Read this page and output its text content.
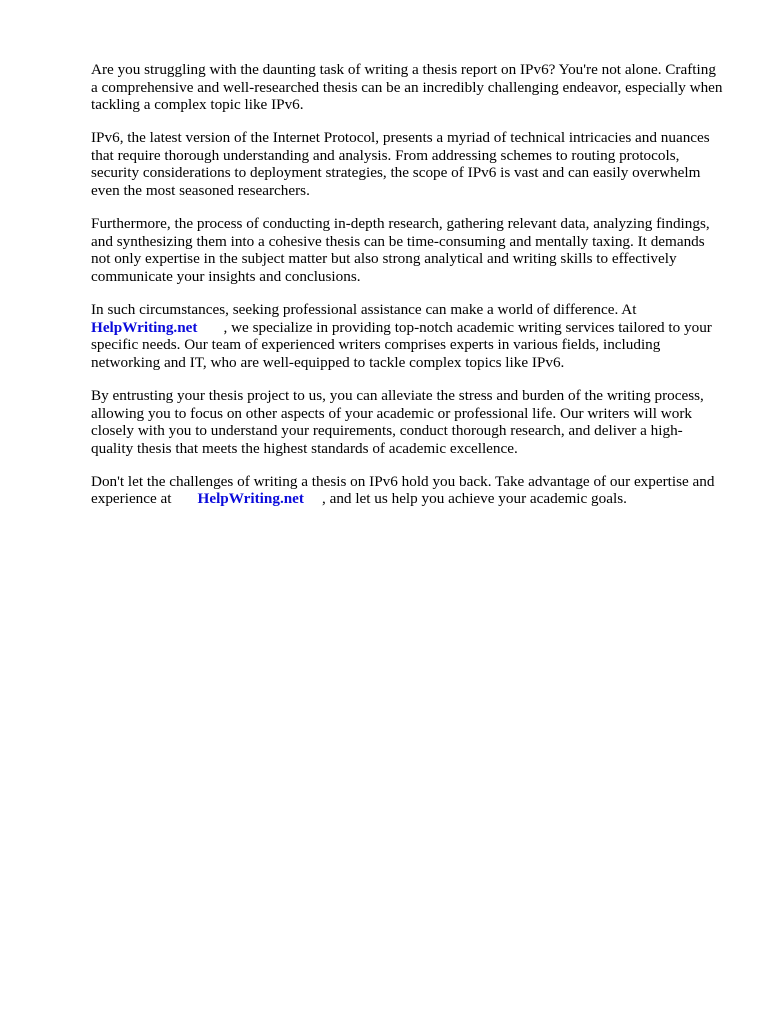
Are you struggling with the daunting task of writing a thesis report on IPv6? You're not alone. Crafting a comprehensive and well-researched thesis can be an incredibly challenging endeavor, especially when tackling a complex topic like IPv6.

IPv6, the latest version of the Internet Protocol, presents a myriad of technical intricacies and nuances that require thorough understanding and analysis. From addressing schemes to routing protocols, security considerations to deployment strategies, the scope of IPv6 is vast and can easily overwhelm even the most seasoned researchers.

Furthermore, the process of conducting in-depth research, gathering relevant data, analyzing findings, and synthesizing them into a cohesive thesis can be time-consuming and mentally taxing. It demands not only expertise in the subject matter but also strong analytical and writing skills to effectively communicate your insights and conclusions.

In such circumstances, seeking professional assistance can make a world of difference. At
HelpWriting.net , we specialize in providing top-notch academic writing services tailored to your specific needs. Our team of experienced writers comprises experts in various fields, including networking and IT, who are well-equipped to tackle complex topics like IPv6.

By entrusting your thesis project to us, you can alleviate the stress and burden of the writing process, allowing you to focus on other aspects of your academic or professional life. Our writers will work closely with you to understand your requirements, conduct thorough research, and deliver a high-quality thesis that meets the highest standards of academic excellence.

Don't let the challenges of writing a thesis on IPv6 hold you back. Take advantage of our expertise and experience at HelpWriting.net , and let us help you achieve your academic goals.
